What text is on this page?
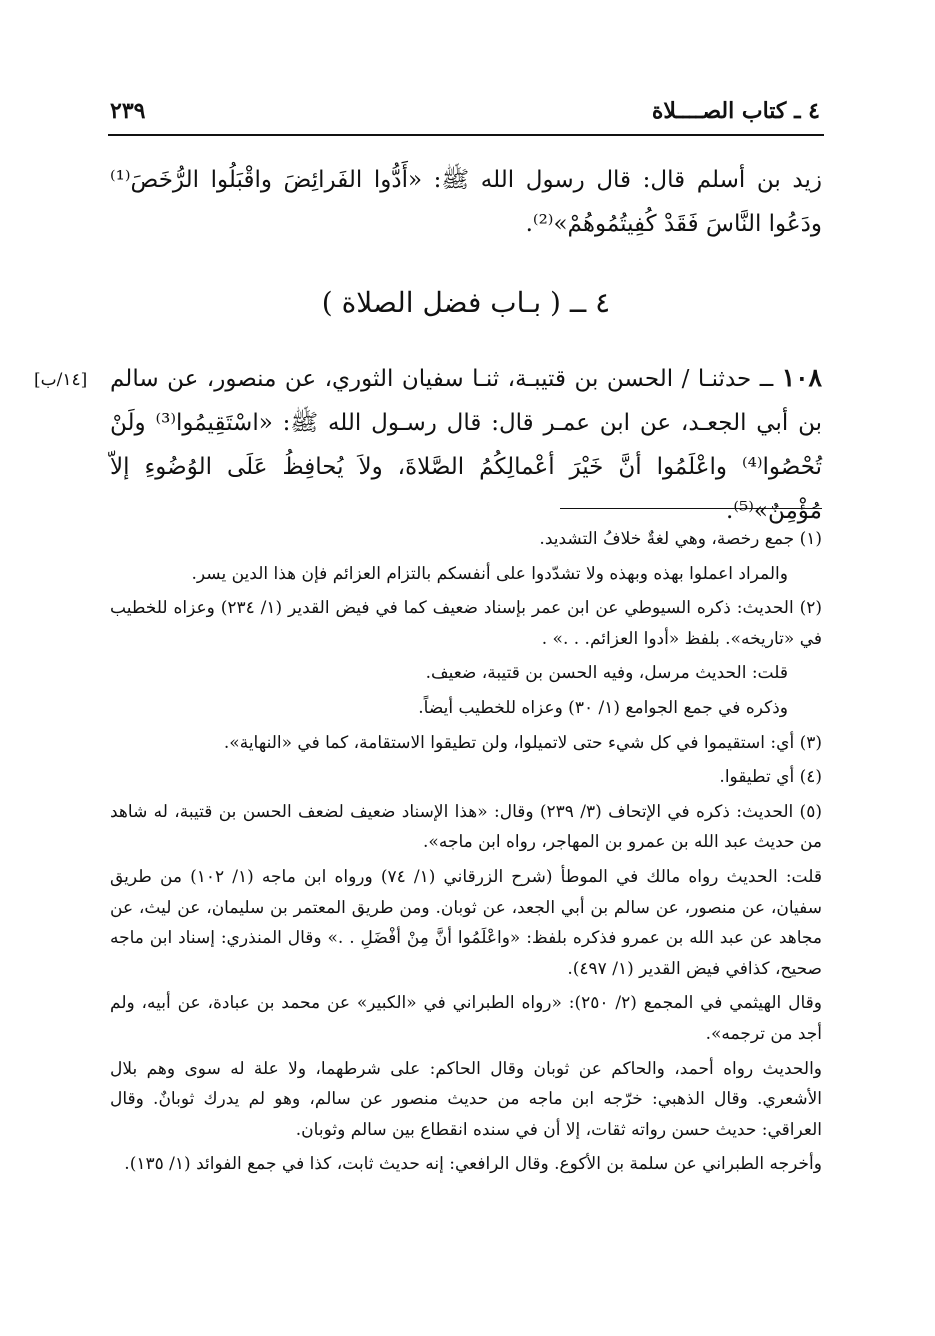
٤ ـ كتاب الصــــلاة
٢٣٩
زيد بن أسلم قال: قال رسول الله ﷺ: «أَدُّوا الفَرائِضَ واقْبَلُوا الرُّخَصَ⁽¹⁾ ودَعُوا النَّاسَ فَقَدْ كُفِيتُمُوهُمْ»⁽²⁾.
٤ ــ ( بـاب فضل الصلاة )
[١٤/ب]	١٠٨ ــ حدثنـا / الحسن بن قتيبـة، ثنـا سفيان الثوري، عن منصور، عن سالم بن أبي الجعـد، عن ابن عمـر قال: قال رسـول الله ﷺ: «اسْتَقِيمُوا⁽³⁾ ولَنْ تُحْصُوا⁽⁴⁾ واعْلَمُوا أنَّ خَيْرَ أعْمالِكُمُ الصَّلاةَ، ولاَ يُحافِظُ عَلَى الوُضُوءِ إلاّ مُؤْمِنٌ»⁽⁵⁾.

(١) جمع رخصة، وهي لغةٌ خلافُ التشديد.

والمراد اعملوا بهذه وبهذه ولا تشدّدوا على أنفسكم بالتزام العزائم فإن هذا الدين يسر.

(٢) الحديث: ذكره السيوطي عن ابن عمر بإسناد ضعيف كما في فيض القدير (١/ ٢٣٤) وعزاه للخطيب في «تاريخه». بلفظ «أدوا العزائم. . .» .

قلت: الحديث مرسل، وفيه الحسن بن قتيبة، ضعيف.

وذكره في جمع الجوامع (١/ ٣٠) وعزاه للخطيب أيضاً.

(٣) أي: استقيموا في كل شيء حتى لاتميلوا، ولن تطيقوا الاستقامة، كما في «النهاية».

(٤) أي تطيقوا.

(٥) الحديث: ذكره في الإتحاف (٣/ ٢٣٩) وقال: «هذا الإسناد ضعيف لضعف الحسن بن قتيبة، له شاهد من حديث عبد الله بن عمرو بن المهاجر، رواه ابن ماجه».

قلت: الحديث رواه مالك في الموطأ (شرح الزرقاني (١/ ٧٤) ورواه ابن ماجه (١/ ١٠٢) من طريق سفيان، عن منصور، عن سالم بن أبي الجعد، عن ثوبان. ومن طريق المعتمر بن سليمان، عن ليث، عن مجاهد عن عبد الله بن عمرو فذكره بلفظ: «واعْلَمُوا أنَّ مِنْ أفْضَلِ . .» وقال المنذري: إسناد ابن ماجه صحيح، كذافي فيض القدير (١/ ٤٩٧).

وقال الهيثمي في المجمع (٢/ ٢٥٠): «رواه الطبراني في «الكبير» عن محمد بن عبادة، عن أبيه، ولم أجد من ترجمه».

والحديث رواه أحمد، والحاكم عن ثوبان وقال الحاكم: على شرطهما، ولا علة له سوى وهم بلال الأشعري. وقال الذهبي: خرّجه ابن ماجه من حديث منصور عن سالم، وهو لم يدرك ثوبانٌ. وقال العراقي: حديث حسن رواته ثقات، إلا أن في سنده انقطاع بين سالم وثوبان.

وأخرجه الطبراني عن سلمة بن الأكوع. وقال الرافعي: إنه حديث ثابت، كذا في جمع الفوائد (١/ ١٣٥).
